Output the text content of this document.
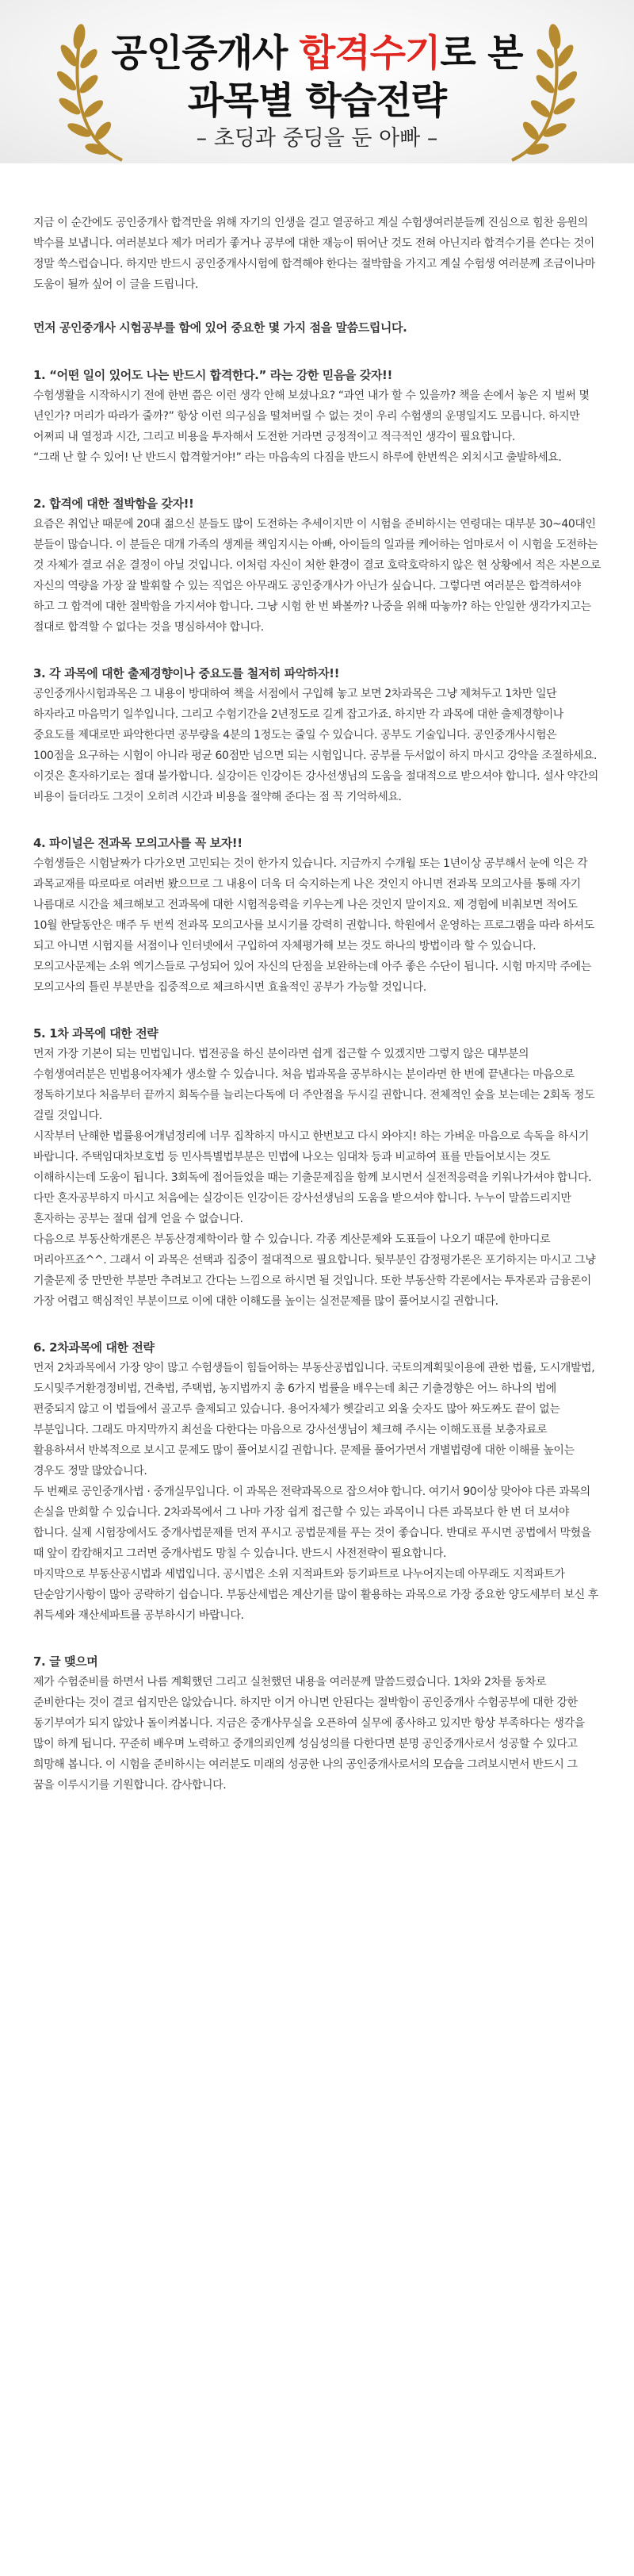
공인중개사 합격수기로 본
과목별 학습전략
– 초딩과 중딩을 둔 아빠 –

지금 이 순간에도 공인중개사 합격만을 위해 자기의 인생을 걸고 열공하고 계실 수험생여러분들께 진심으로 힘찬 응원의 박수를 보냅니다. 여러분보다 제가 머리가 좋거나 공부에 대한 재능이 뛰어난 것도 전혀 아닌지라 합격수기를 쓴다는 것이 정말 쑥스럽습니다. 하지만 반드시 공인중개사시험에 합격해야 한다는 절박함을 가지고 계실 수험생 여러분께 조금이나마 도움이 될까 싶어 이 글을 드립니다.

먼저 공인중개사 시험공부를 함에 있어 중요한 몇 가지 점을 말씀드립니다.

1. “어떤 일이 있어도 나는 반드시 합격한다.” 라는 강한 믿음을 갖자!!

수험생활을 시작하시기 전에 한번 쯤은 이런 생각 안해 보셨나요? “과연 내가 할 수 있을까? 책을 손에서 놓은 지 벌써 몇 년인가? 머리가 따라가 줄까?” 항상 이런 의구심을 떨쳐버릴 수 없는 것이 우리 수험생의 운명일지도 모릅니다. 하지만 어쩌피 내 열정과 시간, 그리고 비용을 투자해서 도전한 거라면 긍정적이고 적극적인 생각이 필요합니다.

“그래 난 할 수 있어! 난 반드시 합격할거야!” 라는 마음속의 다짐을 반드시 하루에 한번씩은 외치시고 출발하세요.

2. 합격에 대한 절박함을 갖자!!

요즘은 취업난 때문에 20대 젊으신 분들도 많이 도전하는 추세이지만 이 시험을 준비하시는 연령대는 대부분 30~40대인 분들이 많습니다. 이 분들은 대개 가족의 생계를 책임지시는 아빠, 아이들의 일과를 케어하는 엄마로서 이 시험을 도전하는 것 자체가 결코 쉬운 결정이 아닐 것입니다. 이처럼 자신이 처한 환경이 결코 호락호락하지 않은 현 상황에서 적은 자본으로 자신의 역량을 가장 잘 발휘할 수 있는 직업은 아무래도 공인중개사가 아닌가 싶습니다. 그렇다면 여러분은 합격하셔야 하고 그 합격에 대한 절박함을 가지셔야 합니다. 그냥 시험 한 번 봐볼까? 나중을 위해 따놓까? 하는 안일한 생각가지고는 절대로 합격할 수 없다는 것을 명심하셔야 합니다.

3. 각 과목에 대한 출제경향이나 중요도를 철저히 파악하자!!

공인중개사시험과목은 그 내용이 방대하여 책을 서점에서 구입해 놓고 보면 2차과목은 그냥 제쳐두고 1차만 일단 하자라고 마음먹기 일쑤입니다. 그리고 수험기간을 2년정도로 길게 잡고가죠. 하지만 각 과목에 대한 출제경향이나 중요도를 제대로만 파악한다면 공부량을 4분의 1정도는 줄일 수 있습니다. 공부도 기술입니다. 공인중개사시험은 100점을 요구하는 시험이 아니라 평균 60점만 넘으면 되는 시험입니다. 공부를 두서없이 하지 마시고 강약을 조절하세요. 이것은 혼자하기로는 절대 불가합니다. 실강이든 인강이든 강사선생님의 도움을 절대적으로 받으셔야 합니다. 설사 약간의 비용이 들더라도 그것이 오히려 시간과 비용을 절약해 준다는 점 꼭 기억하세요.

4. 파이널은 전과목 모의고사를 꼭 보자!!

수험생들은 시험날짜가 다가오면 고민되는 것이 한가지 있습니다. 지금까지 수개월 또는 1년이상 공부해서 눈에 익은 각 과목교재를 따로따로 여러번 봤으므로 그 내용이 더욱 더 숙지하는게 나은 것인지 아니면 전과목 모의고사를 통해 자기 나름대로 시간을 체크해보고 전과목에 대한 시험적응력을 키우는게 나은 것인지 말이지요. 제 경험에 비춰보면 적어도 10월 한달동안은 매주 두 번씩 전과목 모의고사를 보시기를 강력히 권합니다. 학원에서 운영하는 프로그램을 따라 하셔도 되고 아니면 시험지를 서점이나 인터넷에서 구입하여 자체평가해 보는 것도 하나의 방법이라 할 수 있습니다. 모의고사문제는 소위 엑기스들로 구성되어 있어 자신의 단점을 보완하는데 아주 좋은 수단이 됩니다. 시험 마지막 주에는 모의고사의 틀린 부분만을 집중적으로 체크하시면 효율적인 공부가 가능할 것입니다.

5. 1차 과목에 대한 전략

먼저 가장 기본이 되는 민법입니다. 법전공을 하신 분이라면 쉽게 접근할 수 있겠지만 그렇지 않은 대부분의 수험생여러분은 민법용어자체가 생소할 수 있습니다. 처음 법과목을 공부하시는 분이라면 한 번에 끝낸다는 마음으로 정독하기보다 처음부터 끝까지 회독수를 늘리는다독에 더 주안점을 두시길 권합니다. 전체적인 숲을 보는데는 2회독 정도 걸릴 것입니다.

시작부터 난해한 법률용어개념정리에 너무 집착하지 마시고 한번보고 다시 와야지! 하는 가벼운 마음으로 속독을 하시기 바랍니다. 주택임대차보호법 등 민사특별법부분은 민법에 나오는 임대차 등과 비교하여 표를 만들어보시는 것도 이해하시는데 도움이 됩니다. 3회독에 접어들었을 때는 기출문제집을 함께 보시면서 실전적응력을 키워나가셔야 합니다. 다만 혼자공부하지 마시고 처음에는 실강이든 인강이든 강사선생님의 도움을 받으셔야 합니다. 누누이 말씀드리지만 혼자하는 공부는 절대 쉽게 얻을 수 없습니다.

다음으로 부동산학개론은 부동산경제학이라 할 수 있습니다. 각종 계산문제와 도표들이 나오기 때문에 한마디로 머리아프죠^^. 그래서 이 과목은 선택과 집중이 절대적으로 필요합니다. 뒷부분인 감정평가론은 포기하지는 마시고 그냥 기출문제 중 만만한 부분만 추려보고 간다는 느낌으로 하시면 될 것입니다. 또한 부동산학 각론에서는 투자론과 금융론이 가장 어렵고 핵심적인 부분이므로 이에 대한 이해도를 높이는 실전문제를 많이 풀어보시길 권합니다.

6. 2차과목에 대한 전략

먼저 2차과목에서 가장 양이 많고 수험생들이 힘들어하는 부동산공법입니다. 국토의계획및이용에 관한 법률, 도시개발법, 도시및주거환경정비법, 건축법, 주택법, 농지법까지 총 6가지 법률을 배우는데 최근 기출경향은 어느 하나의 법에 편중되지 않고 이 법들에서 골고루 출제되고 있습니다. 용어자체가 헷갈리고 외울 숫자도 많아 짜도짜도 끝이 없는 부분입니다. 그래도 마지막까지 최선을 다한다는 마음으로 강사선생님이 체크해 주시는 이해도표를 보충자료로 활용하셔서 반복적으로 보시고 문제도 많이 풀어보시길 권합니다. 문제를 풀어가면서 개별법령에 대한 이해를 높이는 경우도 정말 많았습니다.

두 번째로 공인중개사법 · 중개실무입니다. 이 과목은 전략과목으로 잡으셔야 합니다. 여기서 90이상 맞아야 다른 과목의 손실을 만회할 수 있습니다. 2차과목에서 그 나마 가장 쉽게 접근할 수 있는 과목이니 다른 과목보다 한 번 더 보셔야 합니다. 실제 시험장에서도 중개사법문제를 먼저 푸시고 공법문제를 푸는 것이 좋습니다. 반대로 푸시면 공법에서 막혔을 때 앞이 캄캄해지고 그러면 중개사법도 망칠 수 있습니다. 반드시 사전전략이 필요합니다.

마지막으로 부동산공시법과 세법입니다. 공시법은 소위 지적파트와 등기파트로 나누어지는데 아무래도 지적파트가 단순암기사항이 많아 공략하기 쉽습니다. 부동산세법은 계산기를 많이 활용하는 과목으로 가장 중요한 양도세부터 보신 후 취득세와 재산세파트를 공부하시기 바랍니다.

7. 글 맺으며

제가 수험준비를 하면서 나름 계획했던 그리고 실천했던 내용을 여러분께 말씀드렸습니다. 1차와 2차를 동차로 준비한다는 것이 결코 쉽지만은 않았습니다. 하지만 이거 아니면 안된다는 절박함이 공인중개사 수험공부에 대한 강한 동기부여가 되지 않았나 돌이켜봅니다. 지금은 중개사무실을 오픈하여 실무에 종사하고 있지만 항상 부족하다는 생각을 많이 하게 됩니다. 꾸준히 배우며 노력하고 중개의뢰인께 성심성의를 다한다면 분명 공인중개사로서 성공할 수 있다고 희망해 봅니다. 이 시험을 준비하시는 여러분도 미래의 성공한 나의 공인중개사로서의 모습을 그려보시면서 반드시 그 꿈을 이루시기를 기원합니다. 감사합니다.
